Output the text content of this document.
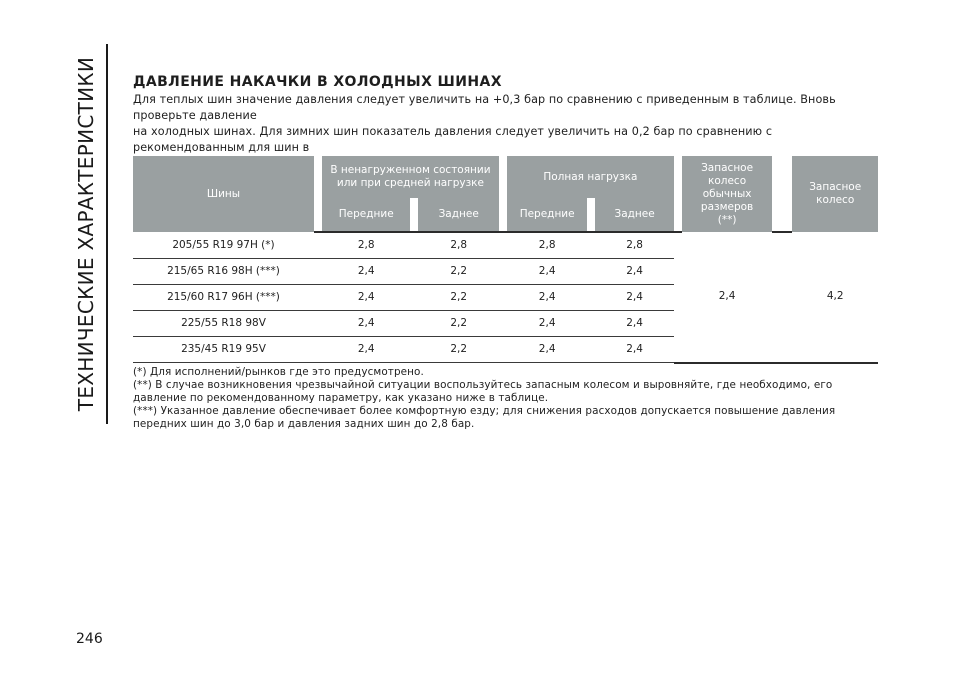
ТЕХНИЧЕСКИЕ ХАРАКТЕРИСТИКИ
246
ДАВЛЕНИЕ НАКАЧКИ В ХОЛОДНЫХ ШИНАХ
Для теплых шин значение давления следует увеличить на +0,3 бар по сравнению с приведенным в таблице. Вновь проверьте давление
на холодных шинах. Для зимних шин показатель давления следует увеличить на 0,2 бар по сравнению с рекомендованным для шин в
Шины		В ненагруженном состоянии или при средней нагрузке				Полная нагрузка				Запасное колесо обычных размеров (**)		Запасное колесо
		Передние		Заднее		Передние		Заднее				
205/55 R19 97H (*)		2,8		2,8		2,8		2,8		2,4		4,2
215/65 R16 98H (***)		2,4		2,2		2,4		2,4				
215/60 R17 96H (***)		2,4		2,2		2,4		2,4				
225/55 R18 98V		2,4		2,2		2,4		2,4				
235/45 R19 95V		2,4		2,2		2,4		2,4				

(*) Для исполнений/рынков где это предусмотрено.

(**) В случае возникновения чрезвычайной ситуации воспользуйтесь запасным колесом и выровняйте, где необходимо, его давление по рекомендованному параметру, как указано ниже в таблице.

(***) Указанное давление обеспечивает более комфортную езду; для снижения расходов допускается повышение давления передних шин до 3,0 бар и давления задних шин до 2,8 бар.
